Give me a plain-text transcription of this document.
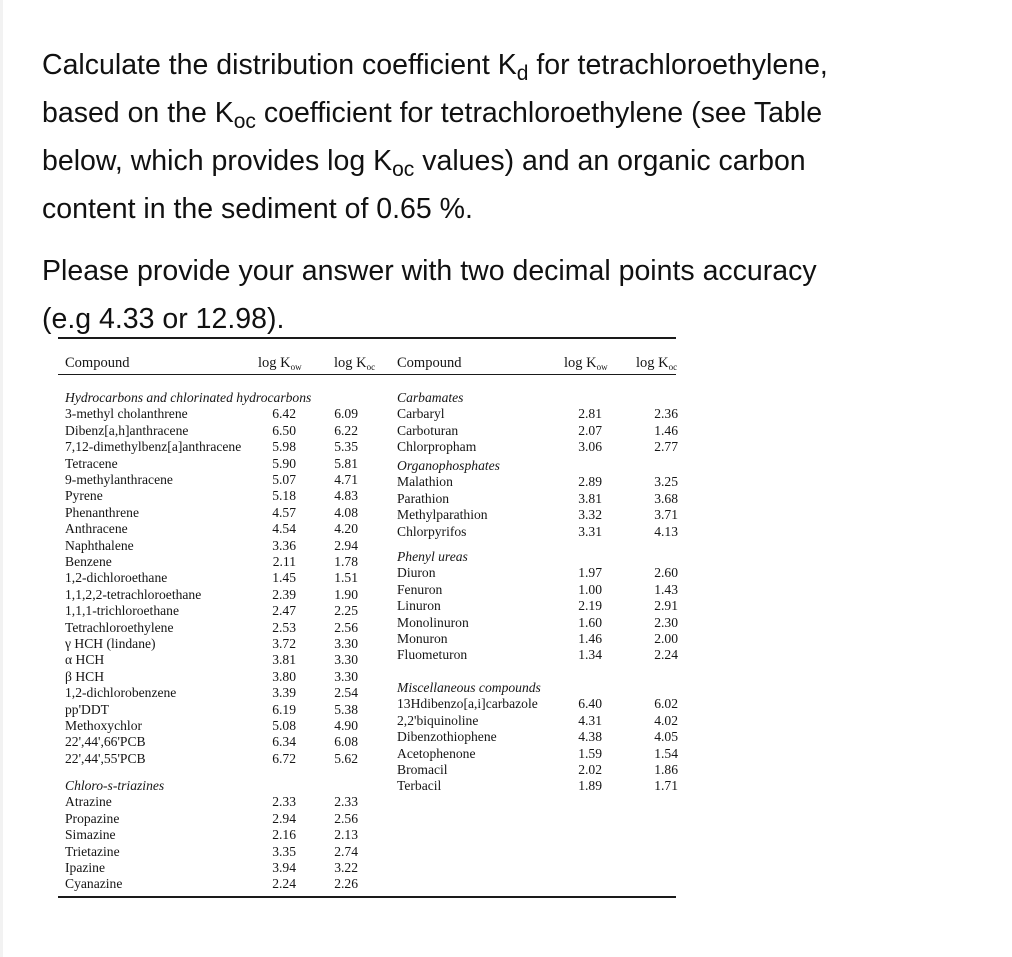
Calculate the distribution coefficient $K_d$ for tetrachloroethylene,
based on the $K_{oc}$ coefficient for tetrachloroethylene (see Table
below, which provides $\log K_{oc}$ values) and an organic carbon
content in the sediment of 0.65 %.
Please provide your answer with two decimal points accuracy
(e.g 4.33 or 12.98).
Compound	$\log K_{ow}$ $\log K_{oc}$ Compound	$\log K_{ow}$ $\log K_{oc}$
Hydrocarbons and chlorinated hydrocarbons
3-methyl cholanthrene	6.42	6.09
Dibenz[a,h]anthracene	6.50	6.22
7,12-dimethylbenz[a]anthracene	5.98	5.35
Tetracene	5.90	5.81
9-methylanthracene	5.07	4.71
Pyrene	5.18	4.83
Phenanthrene	4.57	4.08
Anthracene	4.54	4.20
Naphthalene	3.36	2.94
Benzene	2.11	1.78
1,2-dichloroethane	1.45	1.51
1,1,2,2-tetrachloroethane	2.39	1.90
1,1,1-trichloroethane	2.47	2.25
Tetrachloroethylene	2.53	2.56
γ HCH (lindane)	3.72	3.30
α HCH	3.81	3.30
β HCH	3.80	3.30
1,2-dichlorobenzene	3.39	2.54
pp'DDT	6.19	5.38
Methoxychlor	5.08	4.90
22',44',66'PCB	6.34	6.08
22',44',55'PCB	6.72	5.62
Chloro-s-triazines
Atrazine	2.33	2.33
Propazine	2.94	2.56
Simazine	2.16	2.13
Trietazine	3.35	2.74
Ipazine	3.94	3.22
Cyanazine	2.24	2.26
Carbamates
Carbaryl	2.81	2.36
Carboturan	2.07	1.46
Chlorpropham	3.06	2.77
Organophosphates
Malathion	2.89	3.25
Parathion	3.81	3.68
Methylparathion	3.32	3.71
Chlorpyrifos	3.31	4.13
Phenyl ureas
Diuron	1.97	2.60
Fenuron	1.00	1.43
Linuron	2.19	2.91
Monolinuron	1.60	2.30
Monuron	1.46	2.00
Fluometuron	1.34	2.24
Miscellaneous compounds
13Hdibenzo[a,i]carbazole	6.40	6.02
2,2'biquinoline	4.31	4.02
Dibenzothiophene	4.38	4.05
Acetophenone	1.59	1.54
Bromacil	2.02	1.86
Terbacil	1.89	1.71
